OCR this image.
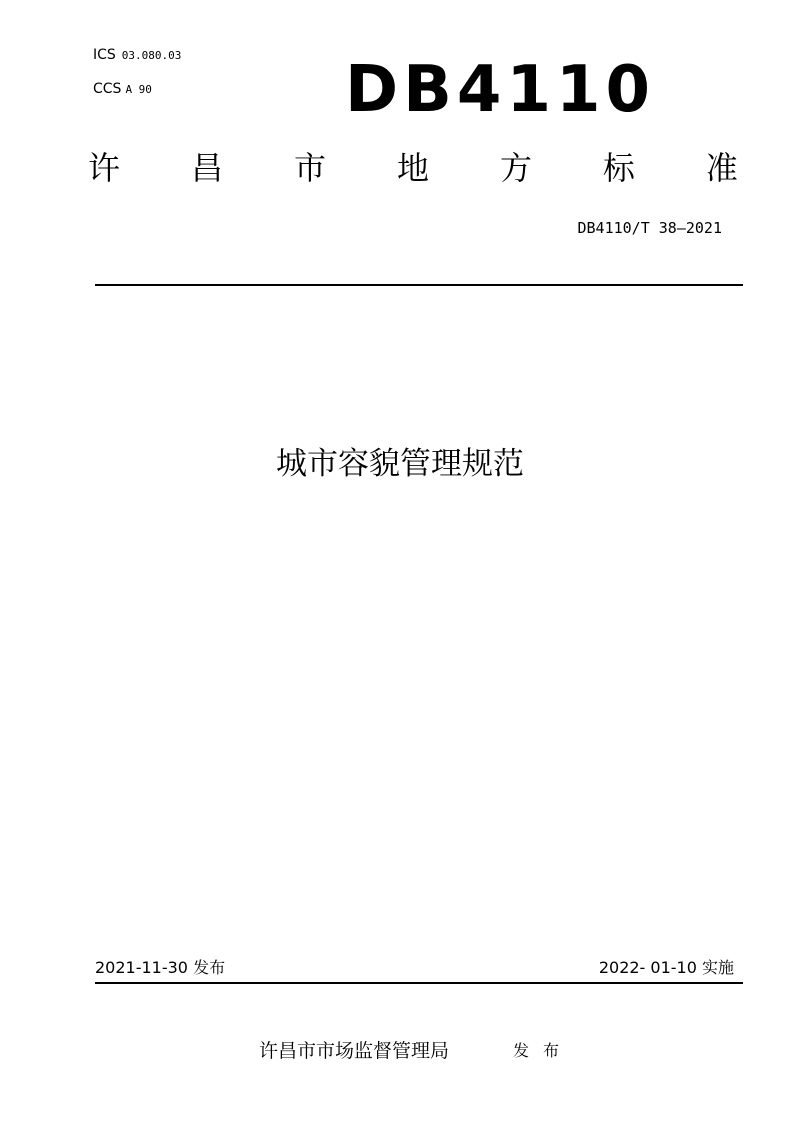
ICS 03.080.03
CCS A 90	DB4110
许 昌 市 地 方 标 准
DB4110/T 38—2021
城市容貌管理规范
2021-11-30 发布	2022- 01-10 实施
许昌市市场监督管理局	发布
